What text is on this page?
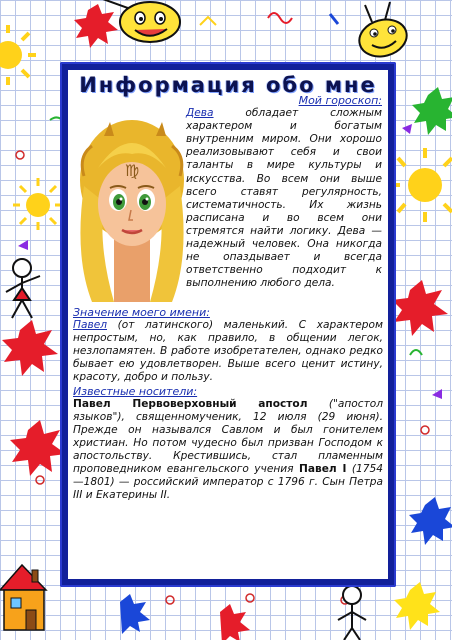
Информация обо мне
♍

Мой гороскоп:
Дева обладает сложным характером и богатым внутренним миром. Они хорошо реализовывают себя и свои таланты в мире культуры и искусства. Во всем они выше всего ставят регулярность, систематичность. Их жизнь расписана и во всем они стремятся найти логику. Дева — надежный человек. Она никогда не опаздывает и всегда ответственно подходит к выполнению любого дела.

Значение моего имени:
Павел (от латинского) маленький. С характером непростым, но, как правило, в общении легок, незлопамятен. В работе изобретателен, однако редко бывает ею удовлетворен. Выше всего ценит истину, красоту, добро и пользу.
Известные носители:
Павел Первоверховный апостол ("апостол языков"), священномученик, 12 июля (29 июня). Прежде он назывался Савлом и был гонителем христиан. Но потом чудесно был призван Господом к апостольству. Крестившись, стал пламенным проповедником евангельского учения Павел I (1754—1801) — российский император с 1796 г. Сын Петра III и Екатерины II.
